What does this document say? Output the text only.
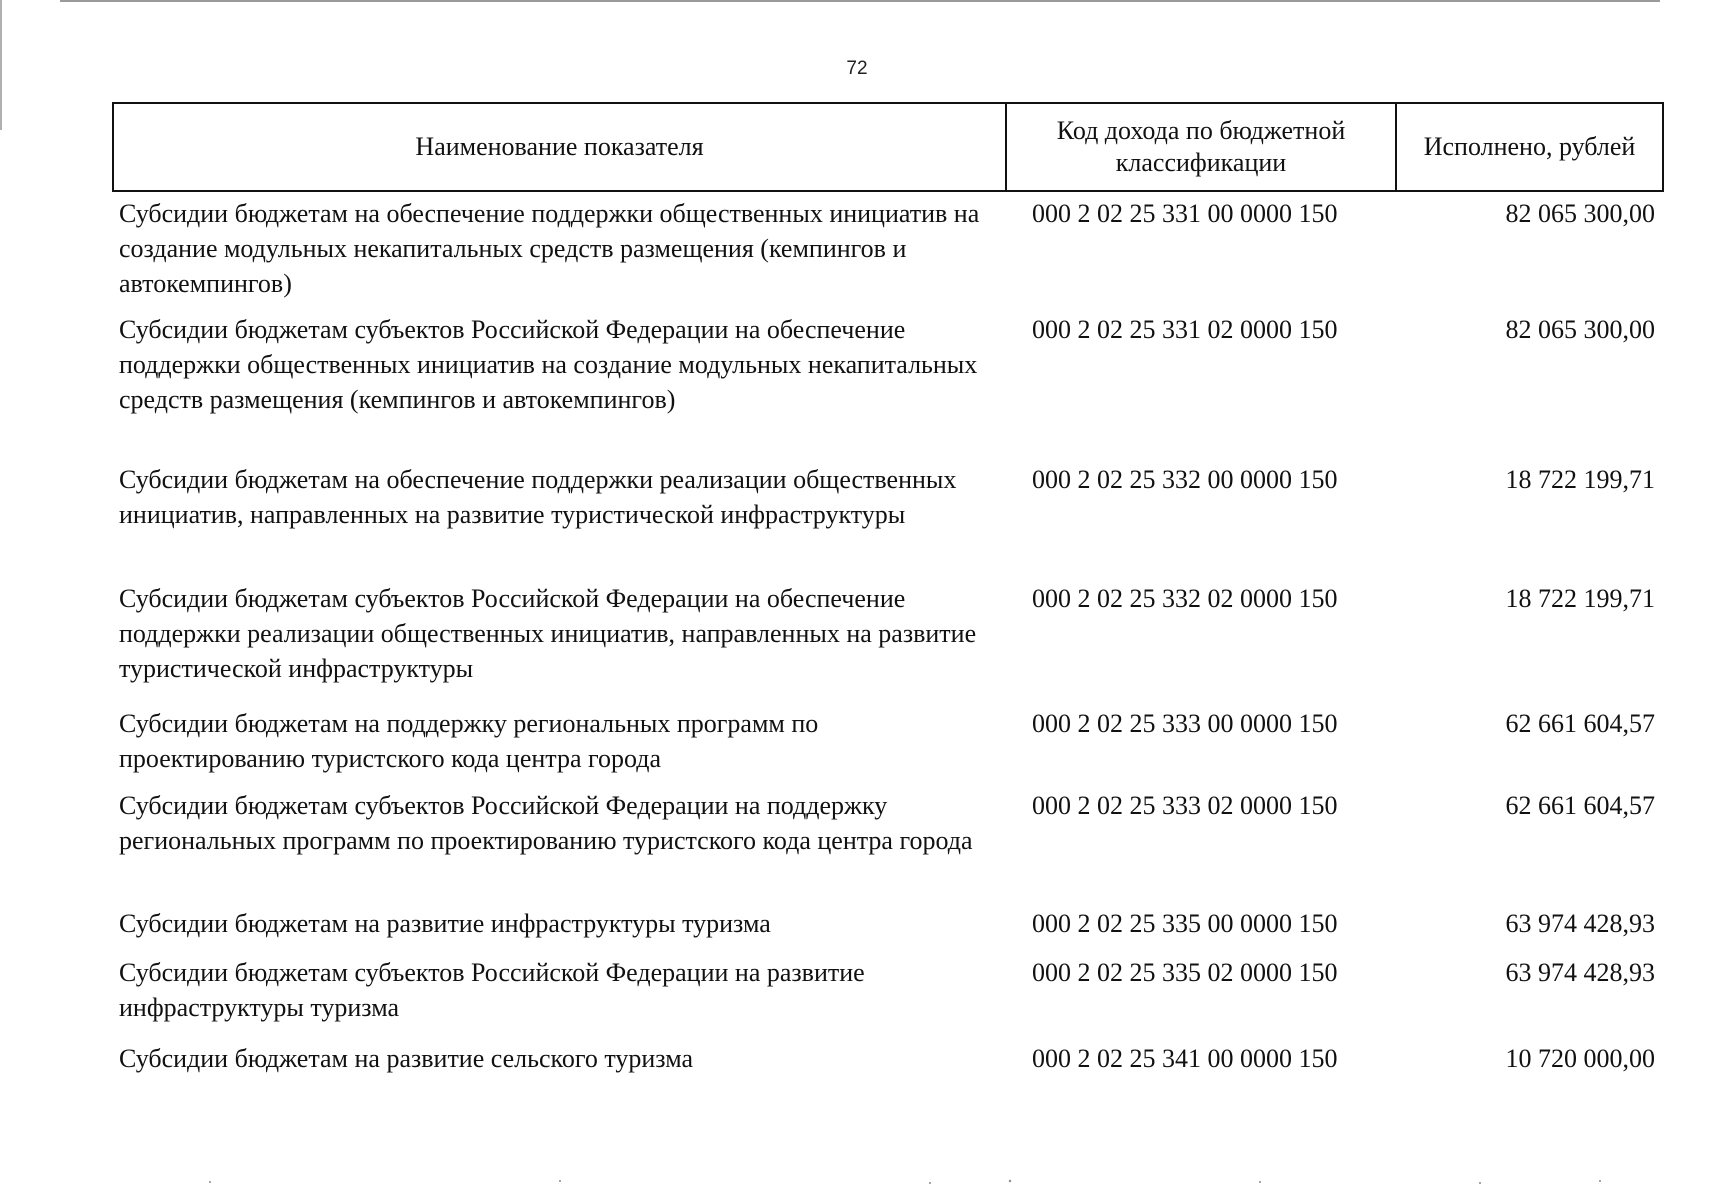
72
Наименование показателя	Код дохода по бюджетной классификации	Исполнено, рублей
Субсидии бюджетам на обеспечение поддержки общественных инициатив на создание модульных некапитальных средств размещения (кемпингов и автокемпингов)	000 2 02 25 331 00 0000 150	82 065 300,00
Субсидии бюджетам субъектов Российской Федерации на обеспечение поддержки общественных инициатив на создание модульных некапитальных средств размещения (кемпингов и автокемпингов)	000 2 02 25 331 02 0000 150	82 065 300,00
Субсидии бюджетам на обеспечение поддержки реализации общественных инициатив, направленных на развитие туристической инфраструктуры	000 2 02 25 332 00 0000 150	18 722 199,71
Субсидии бюджетам субъектов Российской Федерации на обеспечение поддержки реализации общественных инициатив, направленных на развитие туристической инфраструктуры	000 2 02 25 332 02 0000 150	18 722 199,71
Субсидии бюджетам на поддержку региональных программ по проектированию туристского кода центра города	000 2 02 25 333 00 0000 150	62 661 604,57
Субсидии бюджетам субъектов Российской Федерации на поддержку региональных программ по проектированию туристского кода центра города	000 2 02 25 333 02 0000 150	62 661 604,57
Субсидии бюджетам на развитие инфраструктуры туризма	000 2 02 25 335 00 0000 150	63 974 428,93
Субсидии бюджетам субъектов Российской Федерации на развитие инфраструктуры туризма	000 2 02 25 335 02 0000 150	63 974 428,93
Субсидии бюджетам на развитие сельского туризма	000 2 02 25 341 00 0000 150	10 720 000,00
